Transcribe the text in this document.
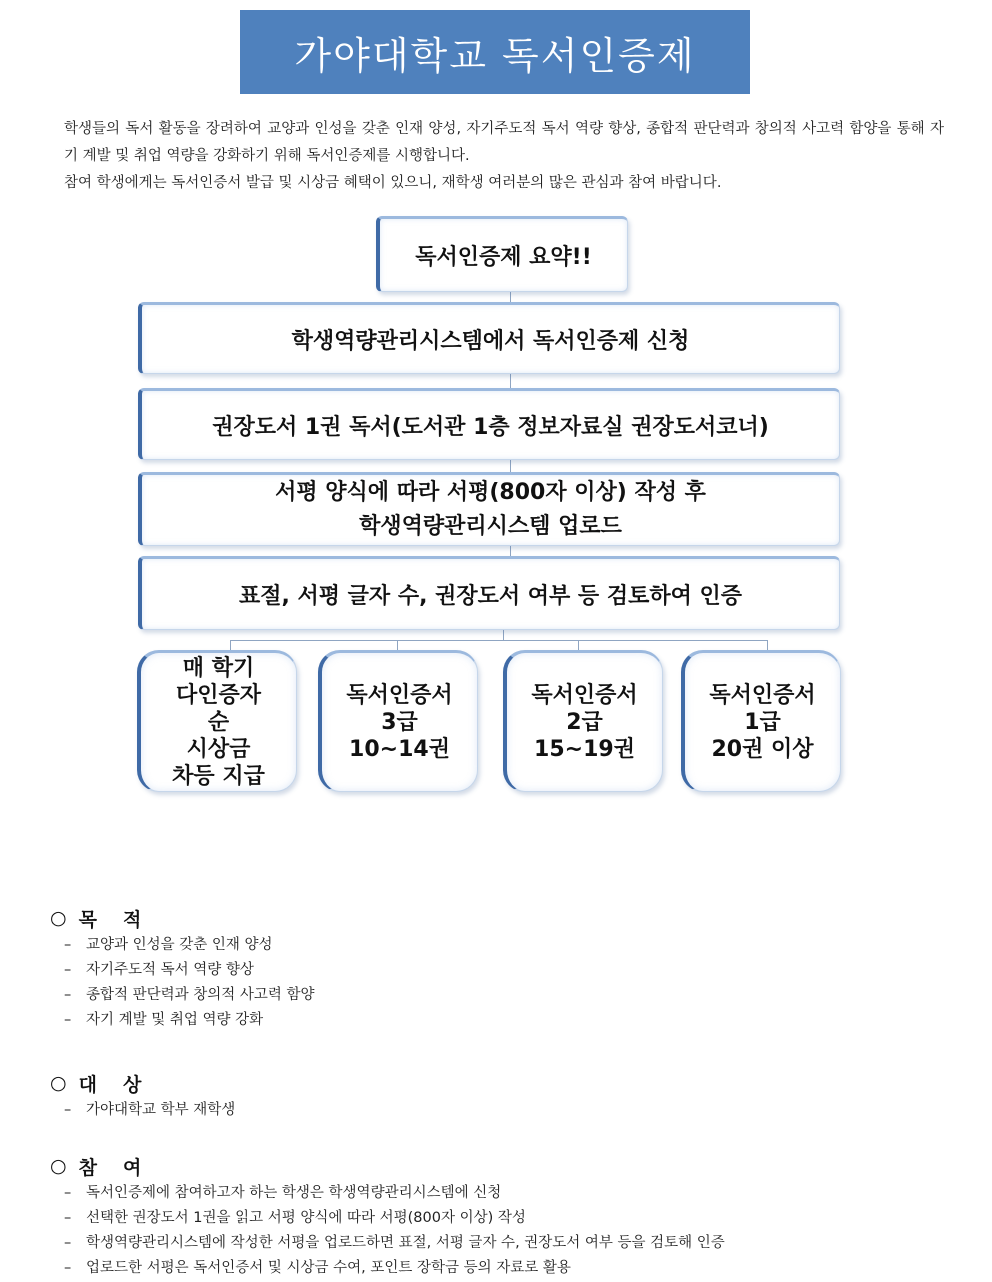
가야대학교 독서인증제

학생들의 독서 활동을 장려하여 교양과 인성을 갖춘 인재 양성, 자기주도적 독서 역량 향상, 종합적 판단력과 창의적 사고력 함양을 통해 자기 계발 및 취업 역량을 강화하기 위해 독서인증제를 시행합니다.

참여 학생에게는 독서인증서 발급 및 시상금 혜택이 있으니, 재학생 여러분의 많은 관심과 참여 바랍니다.

독서인증제 요약!!
학생역량관리시스템에서 독서인증제 신청
권장도서 1권 독서(도서관 1층 정보자료실 권장도서코너)
서평 양식에 따라 서평(800자 이상) 작성 후
학생역량관리시스템 업로드
표절, 서평 글자 수, 권장도서 여부 등 검토하여 인증
매 학기
다인증자
순
시상금
차등 지급
독서인증서
3급
10~14권
독서인증서
2급
15~19권
독서인증서
1급
20권 이상
○ 목적
– 교양과 인성을 갖춘 인재 양성
– 자기주도적 독서 역량 향상
– 종합적 판단력과 창의적 사고력 함양
– 자기 계발 및 취업 역량 강화
○ 대상
– 가야대학교 학부 재학생
○ 참여
– 독서인증제에 참여하고자 하는 학생은 학생역량관리시스템에 신청
– 선택한 권장도서 1권을 읽고 서평 양식에 따라 서평(800자 이상) 작성
– 학생역량관리시스템에 작성한 서평을 업로드하면 표절, 서평 글자 수, 권장도서 여부 등을 검토해 인증
– 업로드한 서평은 독서인증서 및 시상금 수여, 포인트 장학금 등의 자료로 활용
